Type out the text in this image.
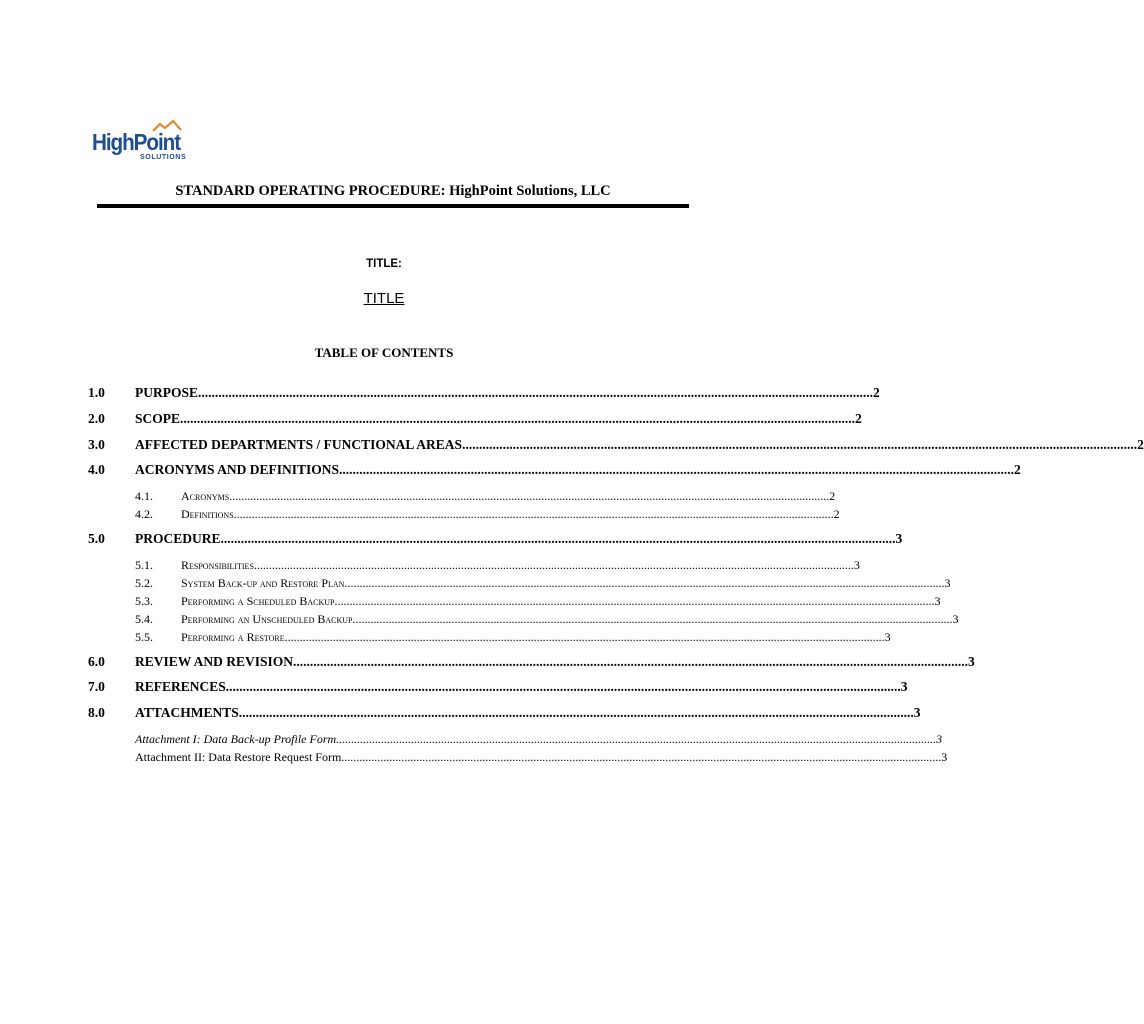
HighPoint
SOLUTIONS
STANDARD OPERATING PROCEDURE: HighPoint Solutions, LLC
TITLE:
TITLE
TABLE OF CONTENTS
1.0	PURPOSE ........................................................................................................................................................................................................ 2
2.0	SCOPE ........................................................................................................................................................................................................ 2
3.0	AFFECTED DEPARTMENTS / FUNCTIONAL AREAS ........................................................................................................................................................................................................ 2
4.0	ACRONYMS AND DEFINITIONS ........................................................................................................................................................................................................ 2
4.1.	Acronyms ........................................................................................................................................................................................................ 2
4.2.	Definitions ........................................................................................................................................................................................................ 2
5.0	PROCEDURE ........................................................................................................................................................................................................ 3
5.1.	Responsibilities ........................................................................................................................................................................................................ 3
5.2.	System Back-up and Restore Plan ........................................................................................................................................................................................................ 3
5.3.	Performing a Scheduled Backup ........................................................................................................................................................................................................ 3
5.4.	Performing an Unscheduled Backup ........................................................................................................................................................................................................ 3
5.5.	Performing a Restore ........................................................................................................................................................................................................ 3
6.0	REVIEW AND REVISION ........................................................................................................................................................................................................ 3
7.0	REFERENCES ........................................................................................................................................................................................................ 3
8.0	ATTACHMENTS ........................................................................................................................................................................................................ 3
Attachment I: Data Back-up Profile Form ........................................................................................................................................................................................................ 3
Attachment II: Data Restore Request Form ........................................................................................................................................................................................................ 3
